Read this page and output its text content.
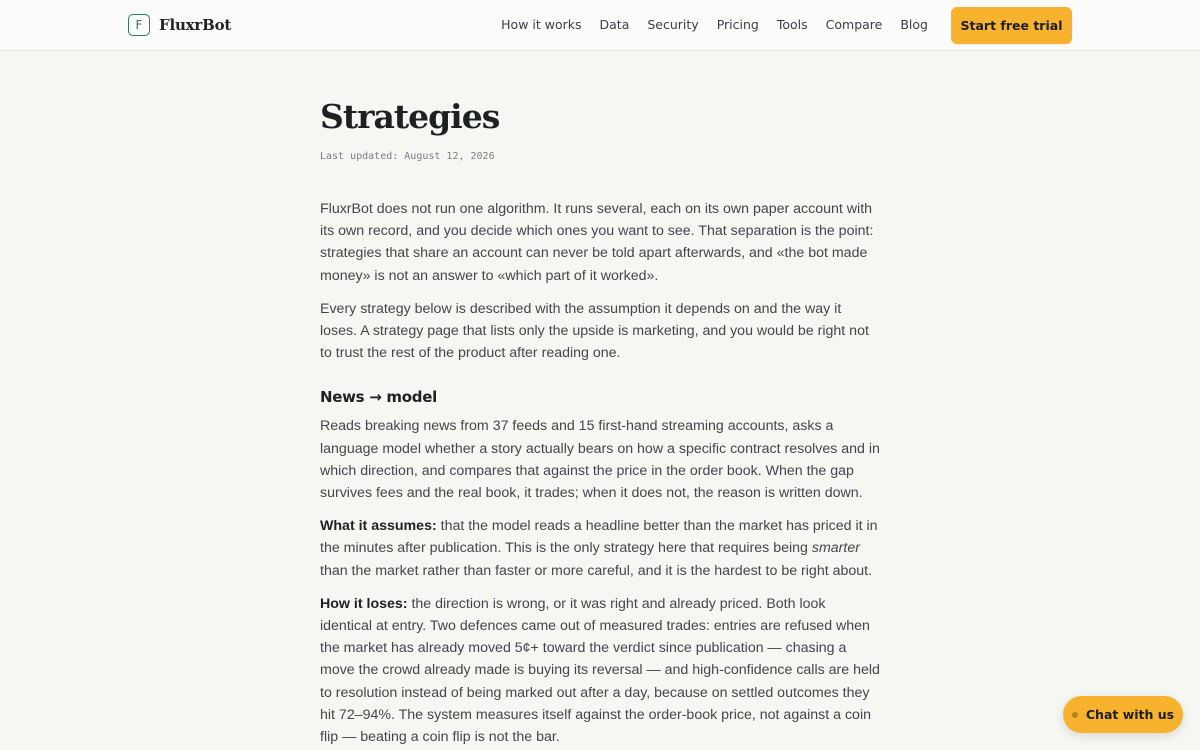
F	FluxrBot	How it works Data Security Pricing Tools Compare Blog	Start free trial
Strategies
Last updated: August 12, 2026

FluxrBot does not run one algorithm. It runs several, each on its own paper account with its own record, and you decide which ones you want to see. That separation is the point: strategies that share an account can never be told apart afterwards, and «the bot made money» is not an answer to «which part of it worked».

Every strategy below is described with the assumption it depends on and the way it loses. A strategy page that lists only the upside is marketing, and you would be right not to trust the rest of the product after reading one.

News → model

Reads breaking news from 37 feeds and 15 first-hand streaming accounts, asks a language model whether a story actually bears on how a specific contract resolves and in which direction, and compares that against the price in the order book. When the gap survives fees and the real book, it trades; when it does not, the reason is written down.

What it assumes: that the model reads a headline better than the market has priced it in the minutes after publication. This is the only strategy here that requires being smarter than the market rather than faster or more careful, and it is the hardest to be right about.

How it loses: the direction is wrong, or it was right and already priced. Both look identical at entry. Two defences came out of measured trades: entries are refused when the market has already moved 5¢+ toward the verdict since publication — chasing a move the crowd already made is buying its reversal — and high-confidence calls are held to resolution instead of being marked out after a day, because on settled outcomes they hit 72–94%. The system measures itself against the order-book price, not against a coin flip — beating a coin flip is not the bar.

Chat with us
